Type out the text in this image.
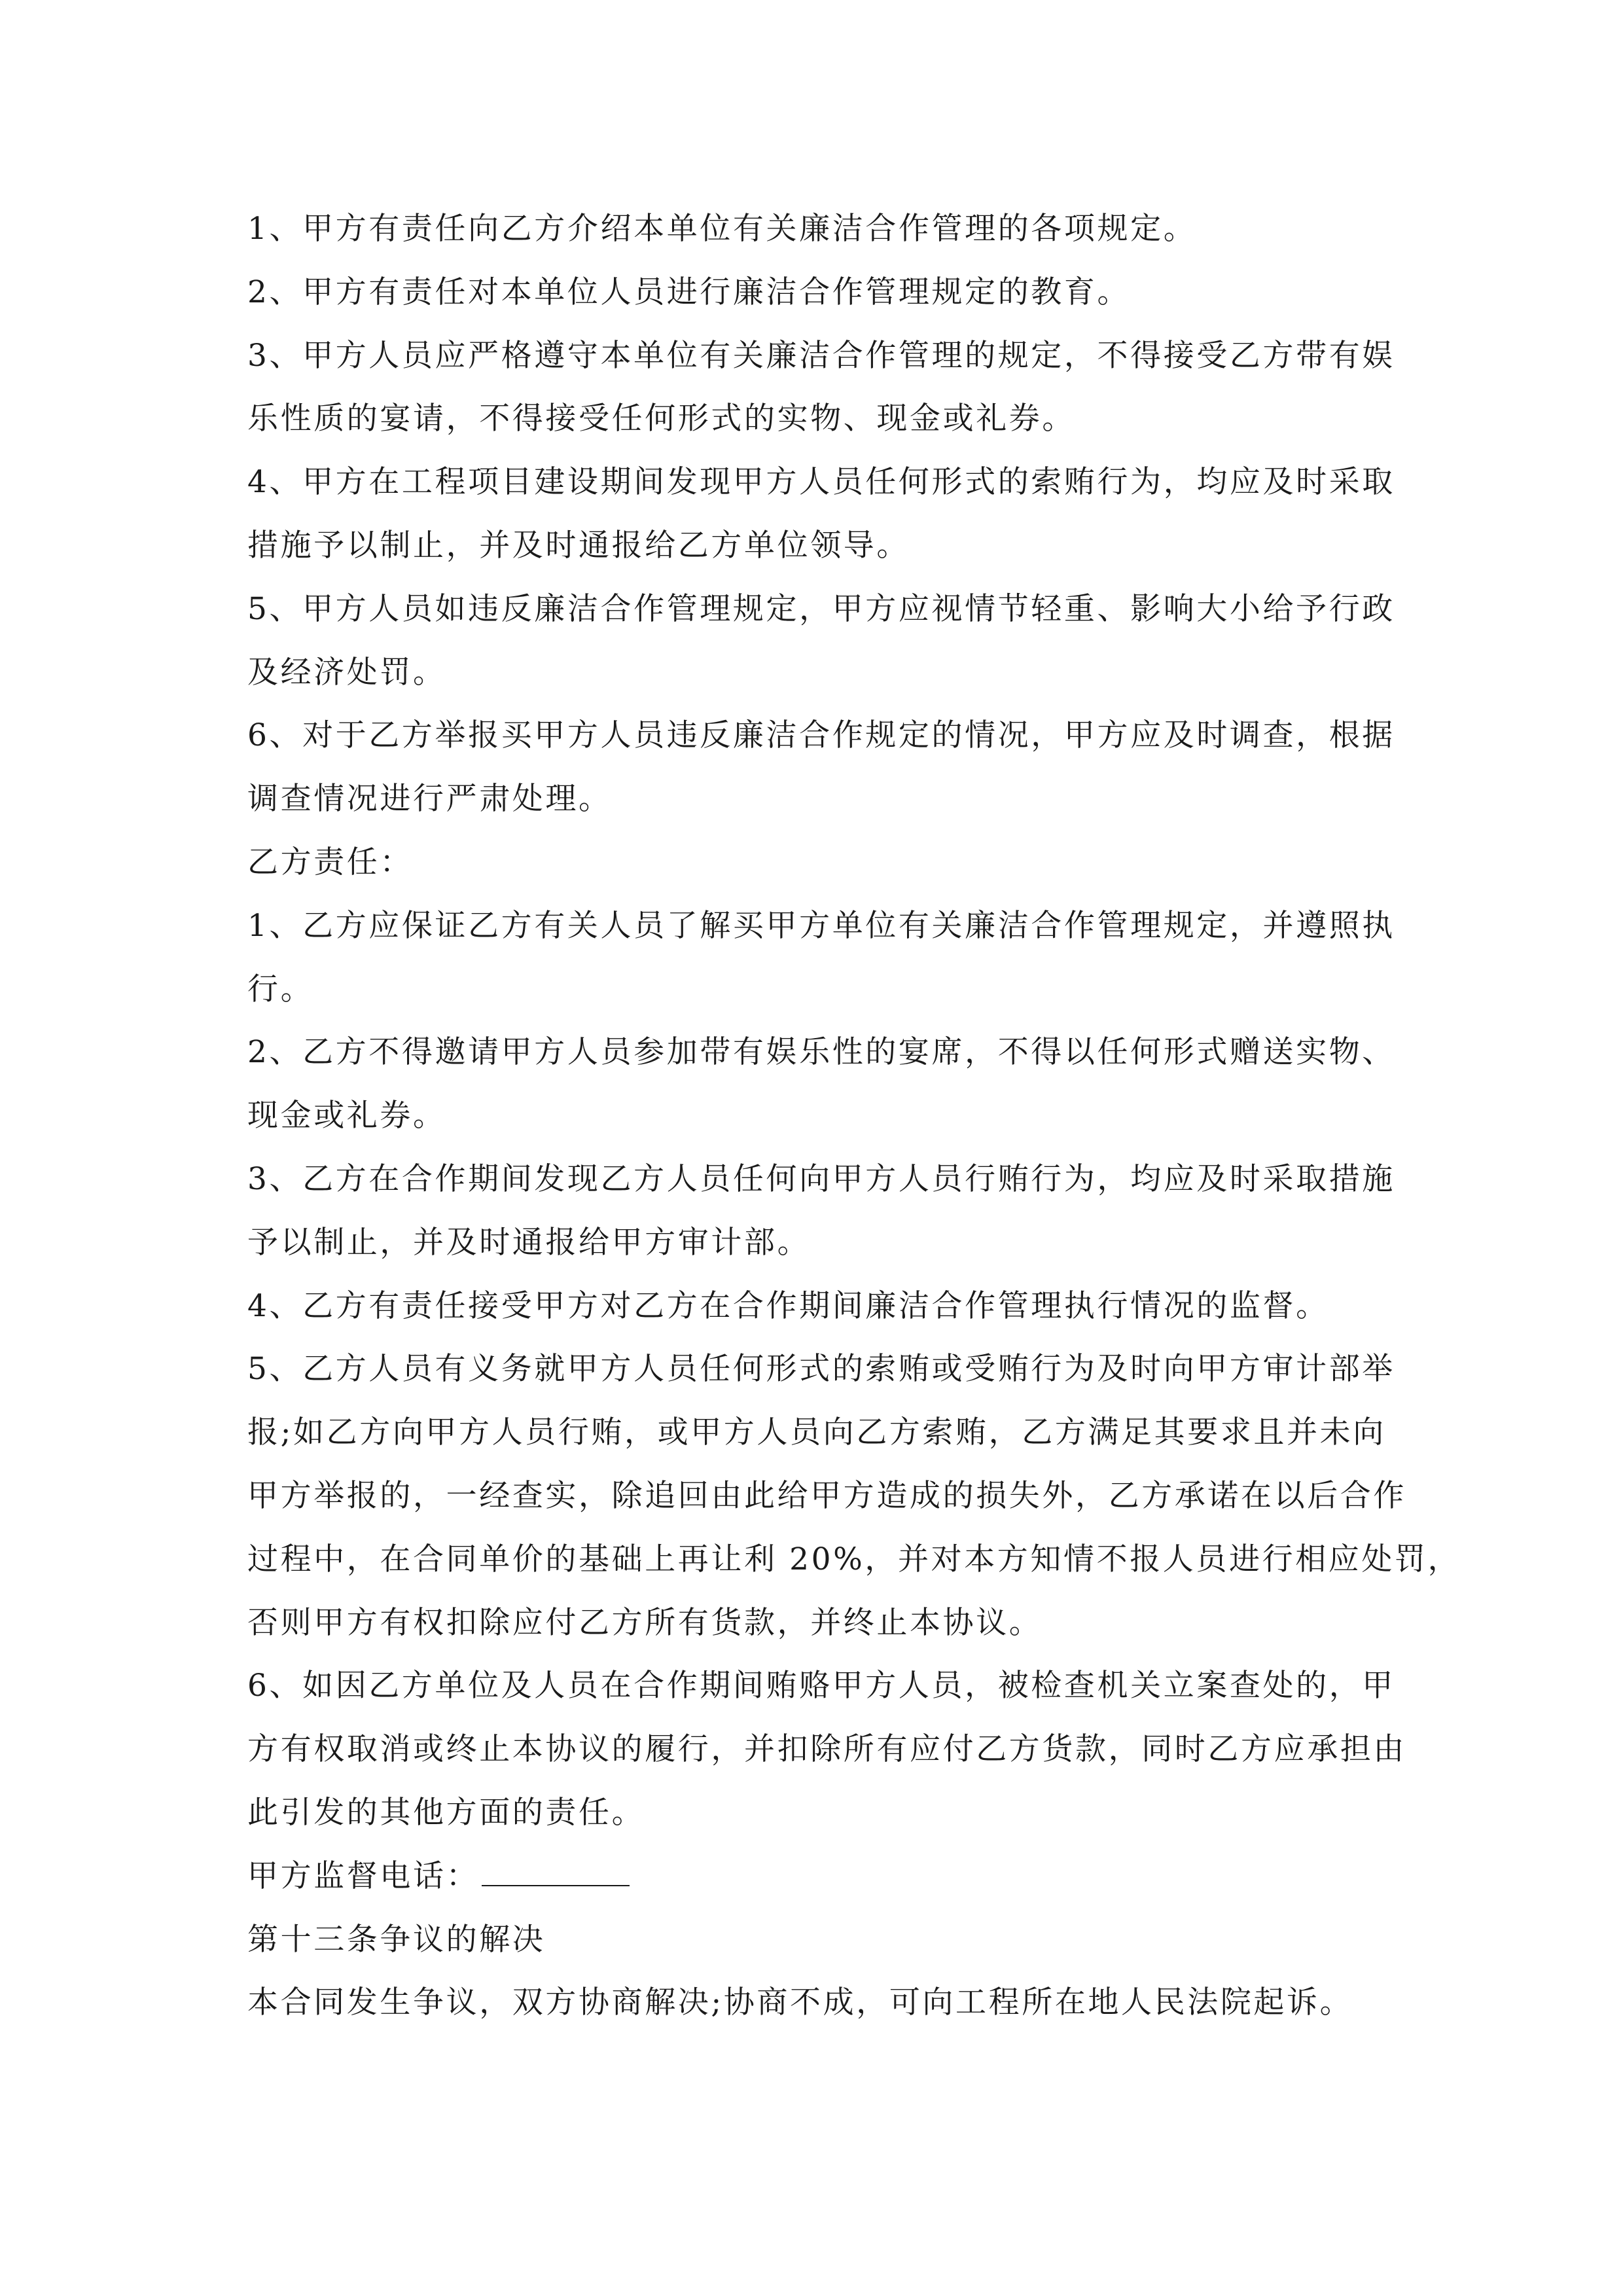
1、甲方有责任向乙方介绍本单位有关廉洁合作管理的各项规定。
2、甲方有责任对本单位人员进行廉洁合作管理规定的教育。
3、甲方人员应严格遵守本单位有关廉洁合作管理的规定，不得接受乙方带有娱
乐性质的宴请，不得接受任何形式的实物、现金或礼券。
4、甲方在工程项目建设期间发现甲方人员任何形式的索贿行为，均应及时采取
措施予以制止，并及时通报给乙方单位领导。
5、甲方人员如违反廉洁合作管理规定，甲方应视情节轻重、影响大小给予行政
及经济处罚。
6、对于乙方举报买甲方人员违反廉洁合作规定的情况，甲方应及时调查，根据
调查情况进行严肃处理。
乙方责任：
1、乙方应保证乙方有关人员了解买甲方单位有关廉洁合作管理规定，并遵照执
行。
2、乙方不得邀请甲方人员参加带有娱乐性的宴席，不得以任何形式赠送实物、
现金或礼券。
3、乙方在合作期间发现乙方人员任何向甲方人员行贿行为，均应及时采取措施
予以制止，并及时通报给甲方审计部。
4、乙方有责任接受甲方对乙方在合作期间廉洁合作管理执行情况的监督。
5、乙方人员有义务就甲方人员任何形式的索贿或受贿行为及时向甲方审计部举
报;如乙方向甲方人员行贿，或甲方人员向乙方索贿，乙方满足其要求且并未向
甲方举报的，一经查实，除追回由此给甲方造成的损失外，乙方承诺在以后合作
过程中，在合同单价的基础上再让利 20%，并对本方知情不报人员进行相应处罚，
否则甲方有权扣除应付乙方所有货款，并终止本协议。
6、如因乙方单位及人员在合作期间贿赂甲方人员，被检查机关立案查处的，甲
方有权取消或终止本协议的履行，并扣除所有应付乙方货款，同时乙方应承担由
此引发的其他方面的责任。
甲方监督电话：
第十三条争议的解决
本合同发生争议，双方协商解决;协商不成，可向工程所在地人民法院起诉。
